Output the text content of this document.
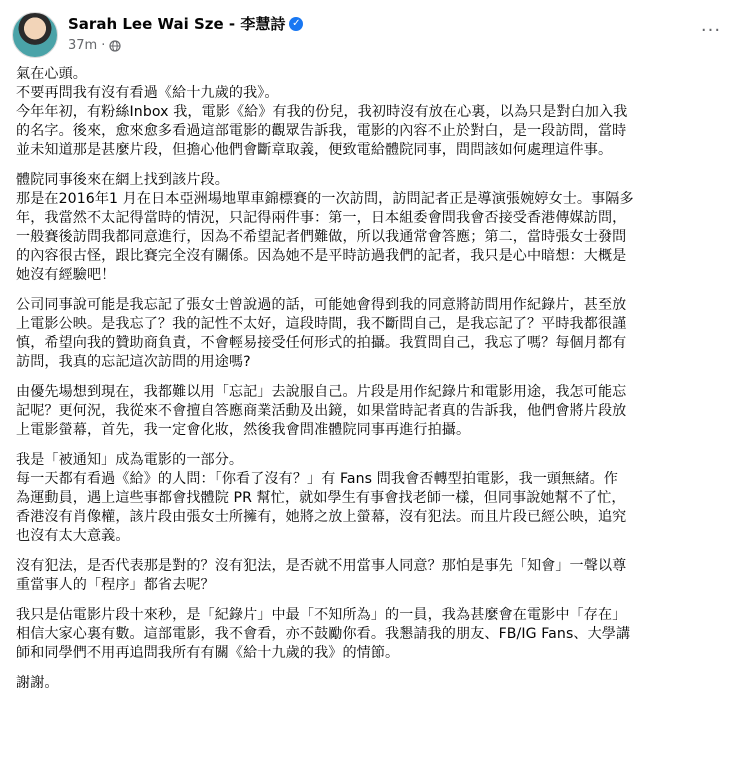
Sarah Lee Wai Sze - 李慧詩 ✓
37m ·
···
氣在心頭。
不要再問我有沒有看過《給十九歲的我》。
今年年初，有粉絲Inbox 我，電影《給》有我的份兒，我初時沒有放在心裏，以為只是對白加入我
的名字。後來，愈來愈多看過這部電影的觀眾告訴我，電影的內容不止於對白，是一段訪問，當時
並未知道那是甚麼片段，但擔心他們會斷章取義，便致電給體院同事，問問該如何處理這件事。
體院同事後來在網上找到該片段。
那是在2016年1 月在日本亞洲場地單車錦標賽的一次訪問，訪問記者正是導演張婉婷女士。事隔多
年，我當然不太記得當時的情況，只記得兩件事：第一，日本組委會問我會否接受香港傳媒訪問，
一般賽後訪問我都同意進行，因為不希望記者們難做，所以我通常會答應；第二，當時張女士發問
的內容很古怪，跟比賽完全沒有關係。因為她不是平時訪過我們的記者，我只是心中暗想：大概是
她沒有經驗吧！
公司同事說可能是我忘記了張女士曾說過的話，可能她會得到我的同意將訪問用作紀錄片，甚至放
上電影公映。是我忘了？我的記性不太好，這段時間，我不斷問自己，是我忘記了？平時我都很謹
慎，希望向我的贊助商負責，不會輕易接受任何形式的拍攝。我質問自己，我忘了嗎？每個月都有
訪問，我真的忘記這次訪問的用途嗎?
由優先場想到現在，我都難以用「忘記」去說服自己。片段是用作紀錄片和電影用途，我怎可能忘
記呢？更何況，我從來不會擅自答應商業活動及出鏡，如果當時記者真的告訴我，他們會將片段放
上電影螢幕，首先，我一定會化妝，然後我會問准體院同事再進行拍攝。
我是「被通知」成為電影的一部分。
每一天都有看過《給》的人問：「你看了沒有？」有 Fans 問我會否轉型拍電影，我一頭無緒。作
為運動員，遇上這些事都會找體院 PR 幫忙，就如學生有事會找老師一樣，但同事說她幫不了忙，
香港沒有肖像權，該片段由張女士所擁有，她將之放上螢幕，沒有犯法。而且片段已經公映，追究
也沒有太大意義。
沒有犯法，是否代表那是對的？沒有犯法，是否就不用當事人同意？那怕是事先「知會」一聲以尊
重當事人的「程序」都省去呢？
我只是佔電影片段十來秒，是「紀錄片」中最「不知所為」的一員，我為甚麼會在電影中「存在」
相信大家心裏有數。這部電影，我不會看，亦不鼓勵你看。我懇請我的朋友、FB/IG Fans、大學講
師和同學們不用再追問我所有有關《給十九歲的我》的情節。
謝謝。
